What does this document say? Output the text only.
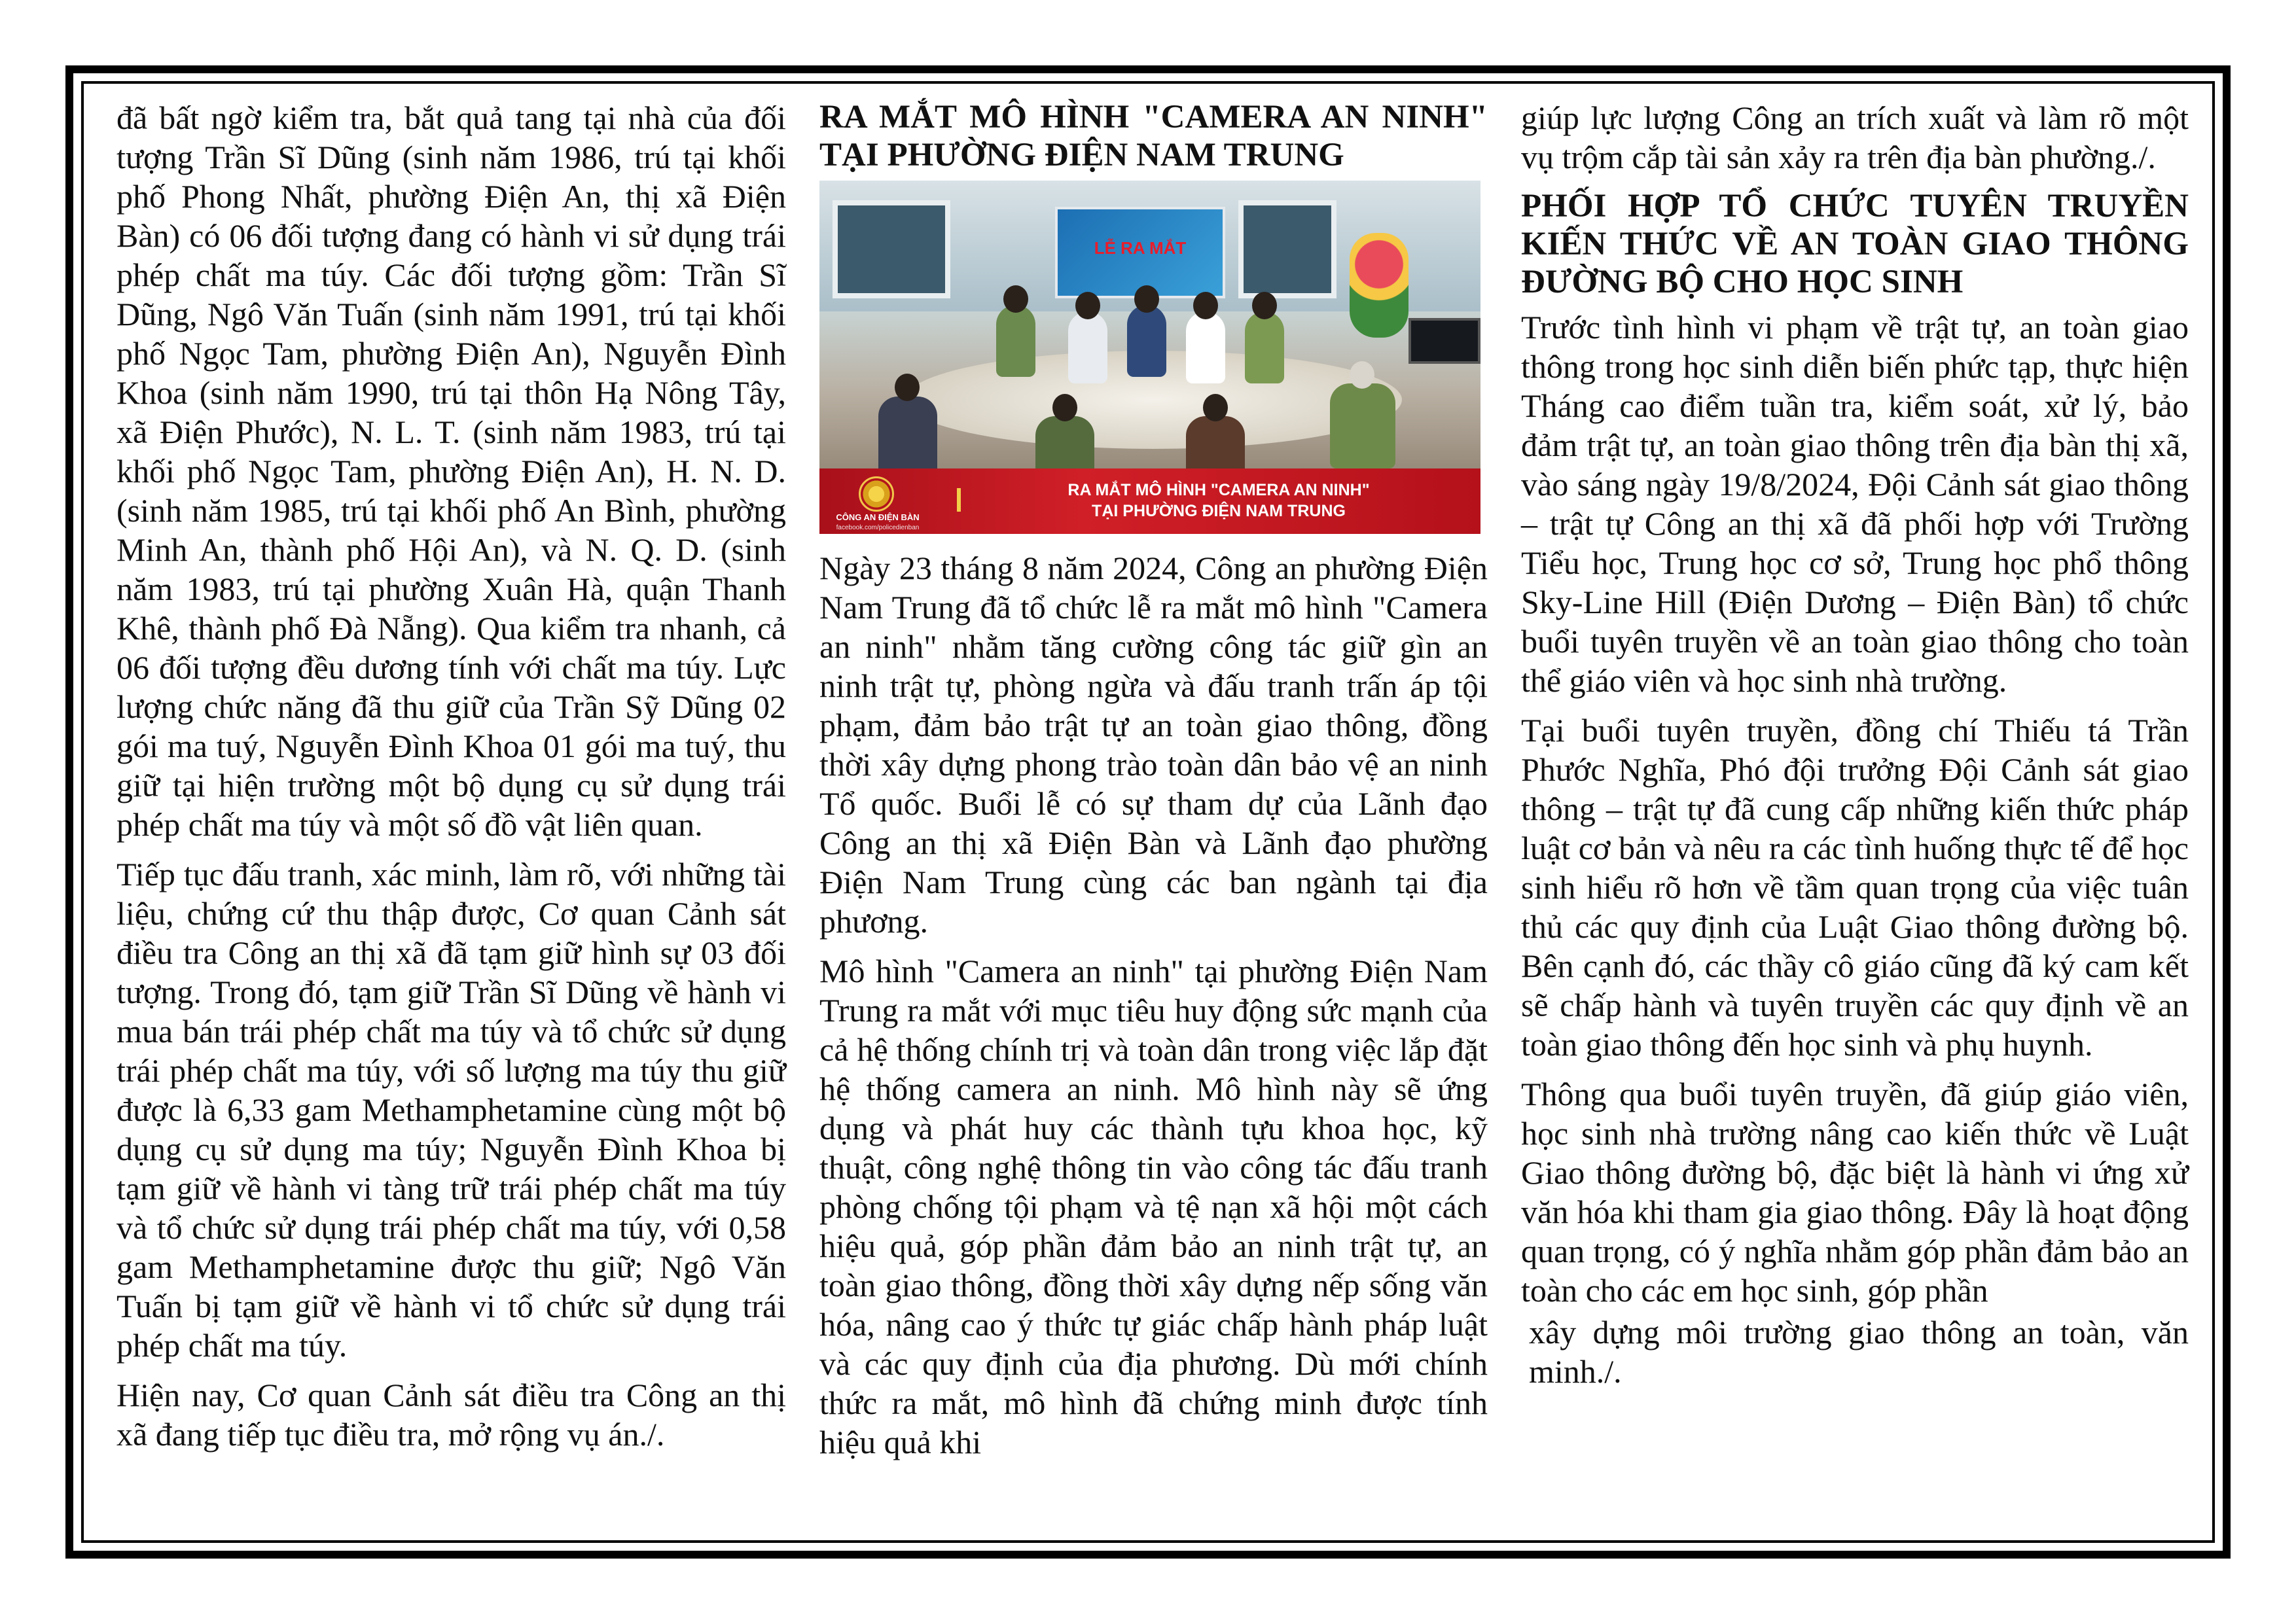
đã bất ngờ kiểm tra, bắt quả tang tại nhà của đối tượng Trần Sĩ Dũng (sinh năm 1986, trú tại khối phố Phong Nhất, phường Điện An, thị xã Điện Bàn) có 06 đối tượng đang có hành vi sử dụng trái phép chất ma túy. Các đối tượng gồm: Trần Sĩ Dũng, Ngô Văn Tuấn (sinh năm 1991, trú tại khối phố Ngọc Tam, phường Điện An), Nguyễn Đình Khoa (sinh năm 1990, trú tại thôn Hạ Nông Tây, xã Điện Phước), N. L. T. (sinh năm 1983, trú tại khối phố Ngọc Tam, phường Điện An), H. N. D. (sinh năm 1985, trú tại khối phố An Bình, phường Minh An, thành phố Hội An), và N. Q. D. (sinh năm 1983, trú tại phường Xuân Hà, quận Thanh Khê, thành phố Đà Nẵng). Qua kiểm tra nhanh, cả 06 đối tượng đều dương tính với chất ma túy. Lực lượng chức năng đã thu giữ của Trần Sỹ Dũng 02 gói ma tuý, Nguyễn Đình Khoa 01 gói ma tuý, thu giữ tại hiện trường một bộ dụng cụ sử dụng trái phép chất ma túy và một số đồ vật liên quan.

Tiếp tục đấu tranh, xác minh, làm rõ, với những tài liệu, chứng cứ thu thập được, Cơ quan Cảnh sát điều tra Công an thị xã đã tạm giữ hình sự 03 đối tượng. Trong đó, tạm giữ Trần Sĩ Dũng về hành vi mua bán trái phép chất ma túy và tổ chức sử dụng trái phép chất ma túy, với số lượng ma túy thu giữ được là 6,33 gam Methamphetamine cùng một bộ dụng cụ sử dụng ma túy; Nguyễn Đình Khoa bị tạm giữ về hành vi tàng trữ trái phép chất ma túy và tổ chức sử dụng trái phép chất ma túy, với 0,58 gam Methamphetamine được thu giữ; Ngô Văn Tuấn bị tạm giữ về hành vi tổ chức sử dụng trái phép chất ma túy.

Hiện nay, Cơ quan Cảnh sát điều tra Công an thị xã đang tiếp tục điều tra, mở rộng vụ án./.

RA MẮT MÔ HÌNH "CAMERA AN NINH" TẠI PHƯỜNG ĐIỆN NAM TRUNG
LỄ RA MẮT
CÔNG AN ĐIỆN BÀN
facebook.com/policedienban
RA MẮT MÔ HÌNH "CAMERA AN NINH"
TẠI PHƯỜNG ĐIỆN NAM TRUNG

Ngày 23 tháng 8 năm 2024, Công an phường Điện Nam Trung đã tổ chức lễ ra mắt mô hình "Camera an ninh" nhằm tăng cường công tác giữ gìn an ninh trật tự, phòng ngừa và đấu tranh trấn áp tội phạm, đảm bảo trật tự an toàn giao thông, đồng thời xây dựng phong trào toàn dân bảo vệ an ninh Tổ quốc. Buổi lễ có sự tham dự của Lãnh đạo Công an thị xã Điện Bàn và Lãnh đạo phường Điện Nam Trung cùng các ban ngành tại địa phương.

Mô hình "Camera an ninh" tại phường Điện Nam Trung ra mắt với mục tiêu huy động sức mạnh của cả hệ thống chính trị và toàn dân trong việc lắp đặt hệ thống camera an ninh. Mô hình này sẽ ứng dụng và phát huy các thành tựu khoa học, kỹ thuật, công nghệ thông tin vào công tác đấu tranh phòng chống tội phạm và tệ nạn xã hội một cách hiệu quả, góp phần đảm bảo an ninh trật tự, an toàn giao thông, đồng thời xây dựng nếp sống văn hóa, nâng cao ý thức tự giác chấp hành pháp luật và các quy định của địa phương. Dù mới chính thức ra mắt, mô hình đã chứng minh được tính hiệu quả khi

giúp lực lượng Công an trích xuất và làm rõ một vụ trộm cắp tài sản xảy ra trên địa bàn phường./.

PHỐI HỢP TỔ CHỨC TUYÊN TRUYỀN KIẾN THỨC VỀ AN TOÀN GIAO THÔNG ĐƯỜNG BỘ CHO HỌC SINH

Trước tình hình vi phạm về trật tự, an toàn giao thông trong học sinh diễn biến phức tạp, thực hiện Tháng cao điểm tuần tra, kiểm soát, xử lý, bảo đảm trật tự, an toàn giao thông trên địa bàn thị xã, vào sáng ngày 19/8/2024, Đội Cảnh sát giao thông – trật tự Công an thị xã đã phối hợp với Trường Tiểu học, Trung học cơ sở, Trung học phổ thông Sky-Line Hill (Điện Dương – Điện Bàn) tổ chức buổi tuyên truyền về an toàn giao thông cho toàn thể giáo viên và học sinh nhà trường.

Tại buổi tuyên truyền, đồng chí Thiếu tá Trần Phước Nghĩa, Phó đội trưởng Đội Cảnh sát giao thông – trật tự đã cung cấp những kiến thức pháp luật cơ bản và nêu ra các tình huống thực tế để học sinh hiểu rõ hơn về tầm quan trọng của việc tuân thủ các quy định của Luật Giao thông đường bộ. Bên cạnh đó, các thầy cô giáo cũng đã ký cam kết sẽ chấp hành và tuyên truyền các quy định về an toàn giao thông đến học sinh và phụ huynh.

Thông qua buổi tuyên truyền, đã giúp giáo viên, học sinh nhà trường nâng cao kiến thức về Luật Giao thông đường bộ, đặc biệt là hành vi ứng xử văn hóa khi tham gia giao thông. Đây là hoạt động quan trọng, có ý nghĩa nhằm góp phần đảm bảo an toàn cho các em học sinh, góp phần

xây dựng môi trường giao thông an toàn, văn minh./.
